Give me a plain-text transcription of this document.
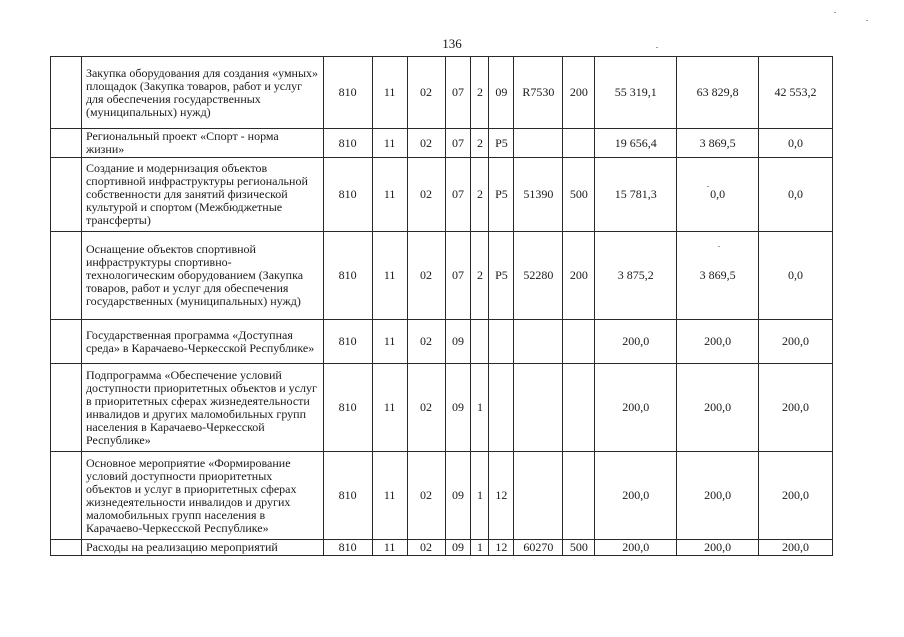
136
	Закупка оборудования для создания «умных» площадок (Закупка товаров, работ и услуг для обеспечения государственных (муниципальных) нужд)	810	11	02	07	2	09	R7530	200	55 319,1	63 829,8	42 553,2
	Региональный проект «Спорт - норма жизни»	810	11	02	07	2	P5			19 656,4	3 869,5	0,0
	Создание и модернизация объектов спортивной инфраструктуры региональной собственности для занятий физической культурой и спортом (Межбюджетные трансферты)	810	11	02	07	2	P5	51390	500	15 781,3	0,0	0,0
	Оснащение объектов спортивной инфраструктуры спортивно-технологическим оборудованием (Закупка товаров, работ и услуг для обеспечения государственных (муниципальных) нужд)	810	11	02	07	2	P5	52280	200	3 875,2	3 869,5	0,0
	Государственная программа «Доступная среда» в Карачаево-Черкесской Республике»	810	11	02	09					200,0	200,0	200,0
	Подпрограмма «Обеспечение условий доступности приоритетных объектов и услуг в приоритетных сферах жизнедеятельности инвалидов и других маломобильных групп населения в Карачаево-Черкесской Республике»	810	11	02	09	1				200,0	200,0	200,0
	Основное мероприятие «Формирование условий доступности приоритетных объектов и услуг в приоритетных сферах жизнедеятельности инвалидов и других маломобильных групп населения в Карачаево-Черкесской Республике»	810	11	02	09	1	12			200,0	200,0	200,0
	Расходы на реализацию мероприятий	810	11	02	09	1	12	60270	500	200,0	200,0	200,0
